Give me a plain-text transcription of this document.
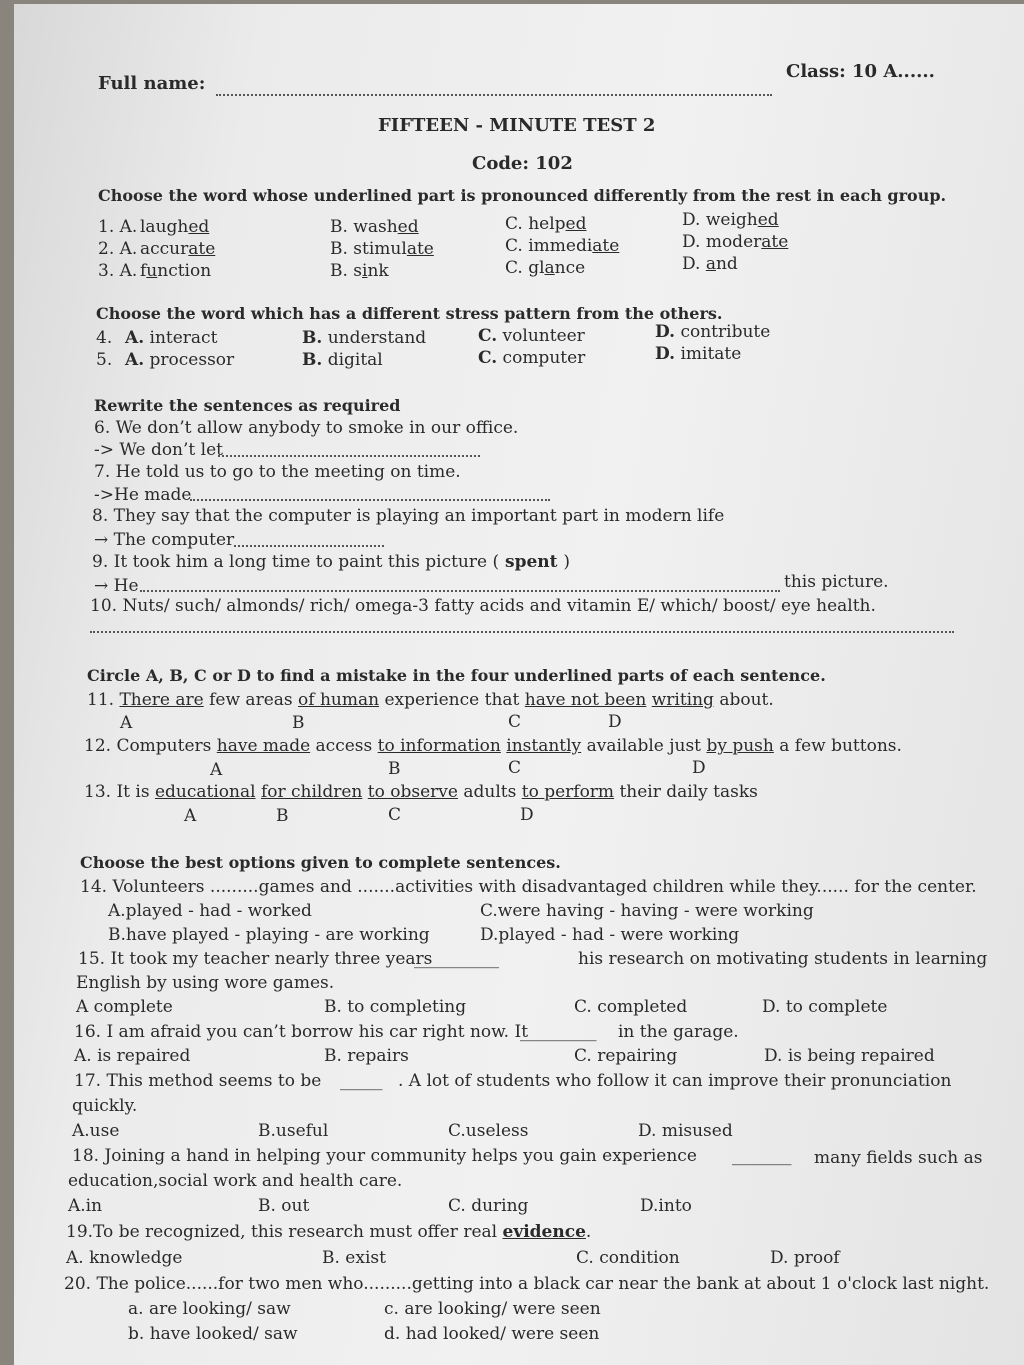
Full name:
Class: 10 A......
FIFTEEN - MINUTE TEST 2
Code: 102
Choose the word whose underlined part is pronounced differently from the rest in each group.
1. A. laughed	B. washed	C. helped	D. weighed
2. A. accurate	B. stimulate	C. immediate	D. moderate
3. A. function	B. sink	C. glance	D. and
Choose the word which has a different stress pattern from the others.
4. A. interact	B. understand	C. volunteer	D. contribute
5. A. processor	B. digital	C. computer	D. imitate
Rewrite the sentences as required
6. We don’t allow anybody to smoke in our office.
-> We don’t let
7. He told us to go to the meeting on time.
->He made
8. They say that the computer is playing an important part in modern life
→ The computer
9. It took him a long time to paint this picture ( spent )
→ He	this picture.
10. Nuts/ such/ almonds/ rich/ omega-3 fatty acids and vitamin E/ which/ boost/ eye health.
Circle A, B, C or D to find a mistake in the four underlined parts of each sentence.
11. There are few areas of human experience that have not been writing about.
A	B	C	D
12. Computers have made access to information instantly available just by push a few buttons.
A	B	C	D
13. It is educational for children to observe adults to perform their daily tasks
A	B	C	D
Choose the best options given to complete sentences.
14. Volunteers .........games and .......activities with disadvantaged children while they...... for the center.
A.played - had - worked	C.were having - having - were working
B.have played - playing - are working	D.played - had - were working
15. It took my teacher nearly three years
__________	his research on motivating students in learning
English by using wore games.
A complete	B. to completing	C. completed	D. to complete
16. I am afraid you can’t borrow his car right now. It
_________ in the garage.
A. is repaired	B. repairs	C. repairing	D. is being repaired
17. This method seems to be _____ . A lot of students who follow it can improve their pronunciation
quickly.
A.use	B.useful	C.useless	D. misused
18. Joining a hand in helping your community helps you gain experience _______ many fields such as
education,social work and health care.
A.in	B. out	C. during	D.into
19.To be recognized, this research must offer real evidence.
A. knowledge	B. exist	C. condition	D. proof
20. The police......for two men who.........getting into a black car near the bank at about 1 o'clock last night.
a. are looking/ saw	c. are looking/ were seen
b. have looked/ saw	d. had looked/ were seen
